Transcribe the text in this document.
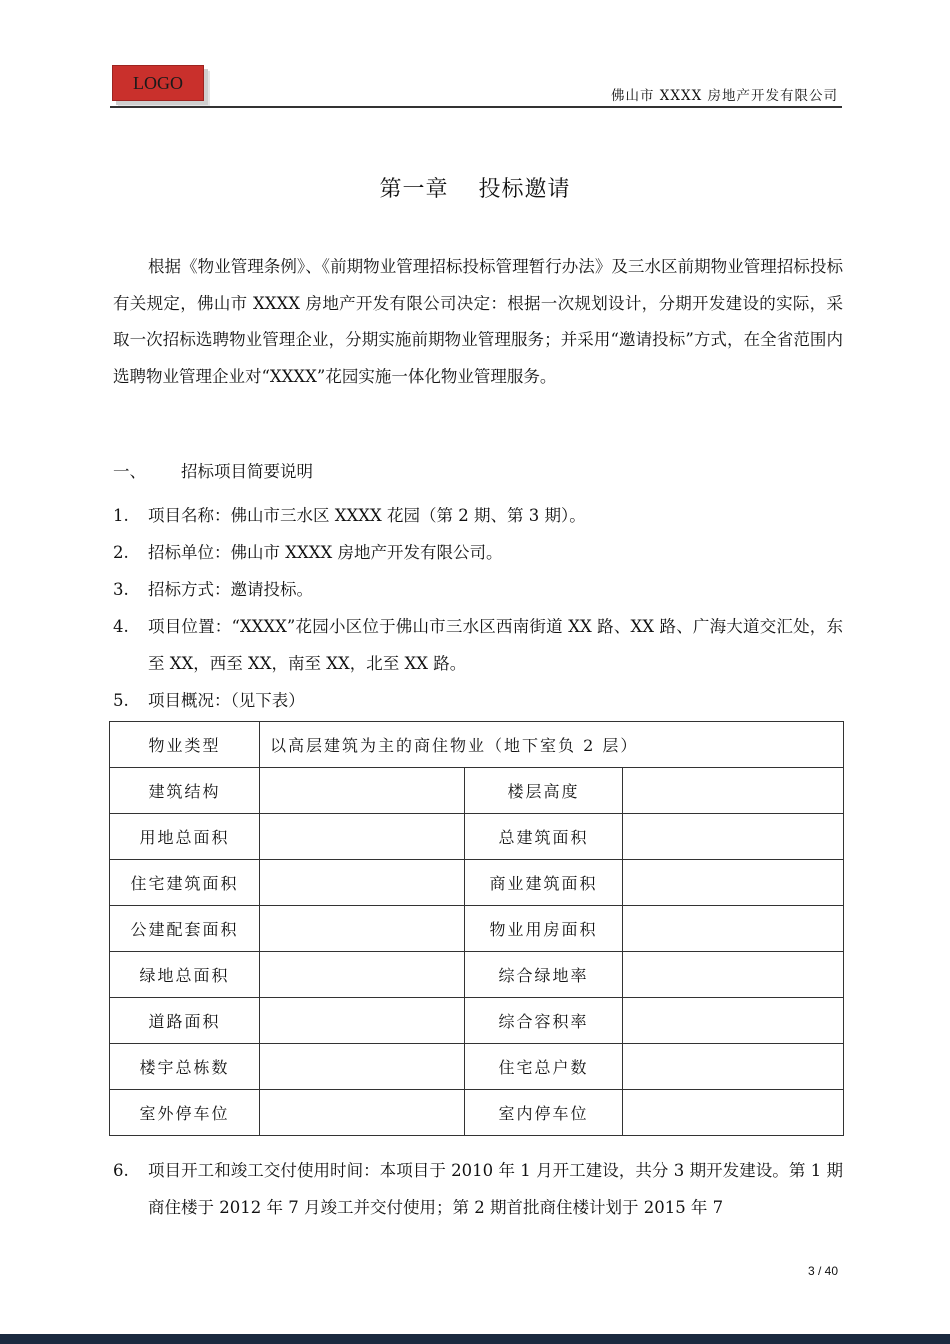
LOGO
佛山市 XXXX 房地产开发有限公司
第一章 投标邀请
根据《物业管理条例》、《前期物业管理招标投标管理暂行办法》及三水区前期物业管理招标投标有关规定，佛山市 XXXX 房地产开发有限公司决定：根据一次规划设计，分期开发建设的实际，采取一次招标选聘物业管理企业，分期实施前期物业管理服务；并采用“邀请投标”方式，在全省范围内选聘物业管理企业对“XXXX”花园实施一体化物业管理服务。
一、 招标项目简要说明
1. 项目名称：佛山市三水区 XXXX 花园（第 2 期、第 3 期）。
2. 招标单位：佛山市 XXXX 房地产开发有限公司。
3. 招标方式：邀请投标。
4. 项目位置：“XXXX”花园小区位于佛山市三水区西南街道 XX 路、XX 路、广海大道交汇处，东至 XX，西至 XX，南至 XX，北至 XX 路。
5. 项目概况：（见下表）
物业类型	以高层建筑为主的商住物业（地下室负 2 层）		
建筑结构		楼层高度	
用地总面积		总建筑面积	
住宅建筑面积		商业建筑面积	
公建配套面积		物业用房面积	
绿地总面积		综合绿地率	
道路面积		综合容积率	
楼宇总栋数		住宅总户数	
室外停车位		室内停车位	
6. 项目开工和竣工交付使用时间：本项目于 2010 年 1 月开工建设，共分 3 期开发建设。第 1 期商住楼于 2012 年 7 月竣工并交付使用；第 2 期首批商住楼计划于 2015 年 7
3 / 40
